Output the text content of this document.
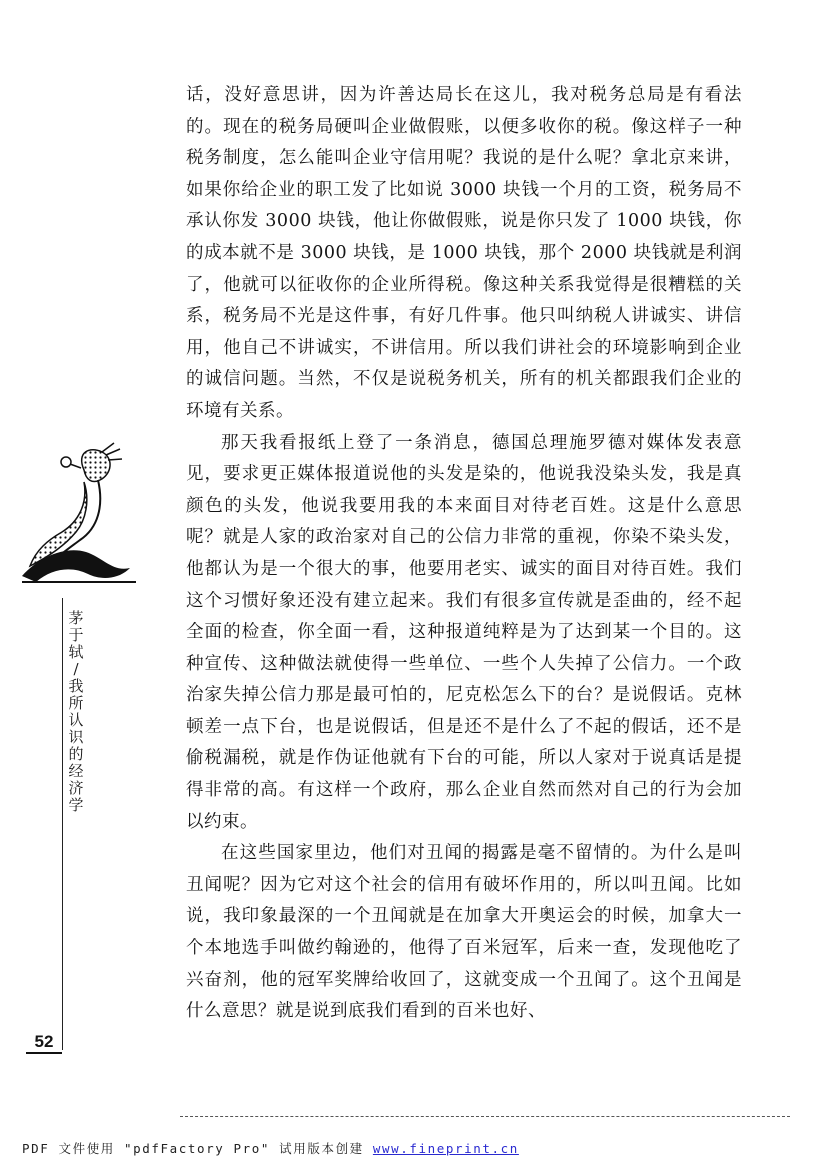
话，没好意思讲，因为许善达局长在这儿，我对税务总局是有看法的。现在的税务局硬叫企业做假账，以便多收你的税。像这样子一种税务制度，怎么能叫企业守信用呢？我说的是什么呢？拿北京来讲，如果你给企业的职工发了比如说 3000 块钱一个月的工资，税务局不承认你发 3000 块钱，他让你做假账，说是你只发了 1000 块钱，你的成本就不是 3000 块钱，是 1000 块钱，那个 2000 块钱就是利润了，他就可以征收你的企业所得税。像这种关系我觉得是很糟糕的关系，税务局不光是这件事，有好几件事。他只叫纳税人讲诚实、讲信用，他自己不讲诚实，不讲信用。所以我们讲社会的环境影响到企业的诚信问题。当然，不仅是说税务机关，所有的机关都跟我们企业的环境有关系。

那天我看报纸上登了一条消息，德国总理施罗德对媒体发表意见，要求更正媒体报道说他的头发是染的，他说我没染头发，我是真颜色的头发，他说我要用我的本来面目对待老百姓。这是什么意思呢？就是人家的政治家对自己的公信力非常的重视，你染不染头发，他都认为是一个很大的事，他要用老实、诚实的面目对待百姓。我们这个习惯好象还没有建立起来。我们有很多宣传就是歪曲的，经不起全面的检查，你全面一看，这种报道纯粹是为了达到某一个目的。这种宣传、这种做法就使得一些单位、一些个人失掉了公信力。一个政治家失掉公信力那是最可怕的，尼克松怎么下的台？是说假话。克林顿差一点下台，也是说假话，但是还不是什么了不起的假话，还不是偷税漏税，就是作伪证他就有下台的可能，所以人家对于说真话是提得非常的高。有这样一个政府，那么企业自然而然对自己的行为会加以约束。

在这些国家里边，他们对丑闻的揭露是毫不留情的。为什么是叫丑闻呢？因为它对这个社会的信用有破坏作用的，所以叫丑闻。比如说，我印象最深的一个丑闻就是在加拿大开奥运会的时候，加拿大一个本地选手叫做约翰逊的，他得了百米冠军，后来一查，发现他吃了兴奋剂，他的冠军奖牌给收回了，这就变成一个丑闻了。这个丑闻是什么意思？就是说到底我们看到的百米也好、

茅
于
轼
/
我
所
认
识
的
经
济
学
52
PDF 文件使用 "pdfFactory Pro" 试用版本创建 www.fineprint.cn
